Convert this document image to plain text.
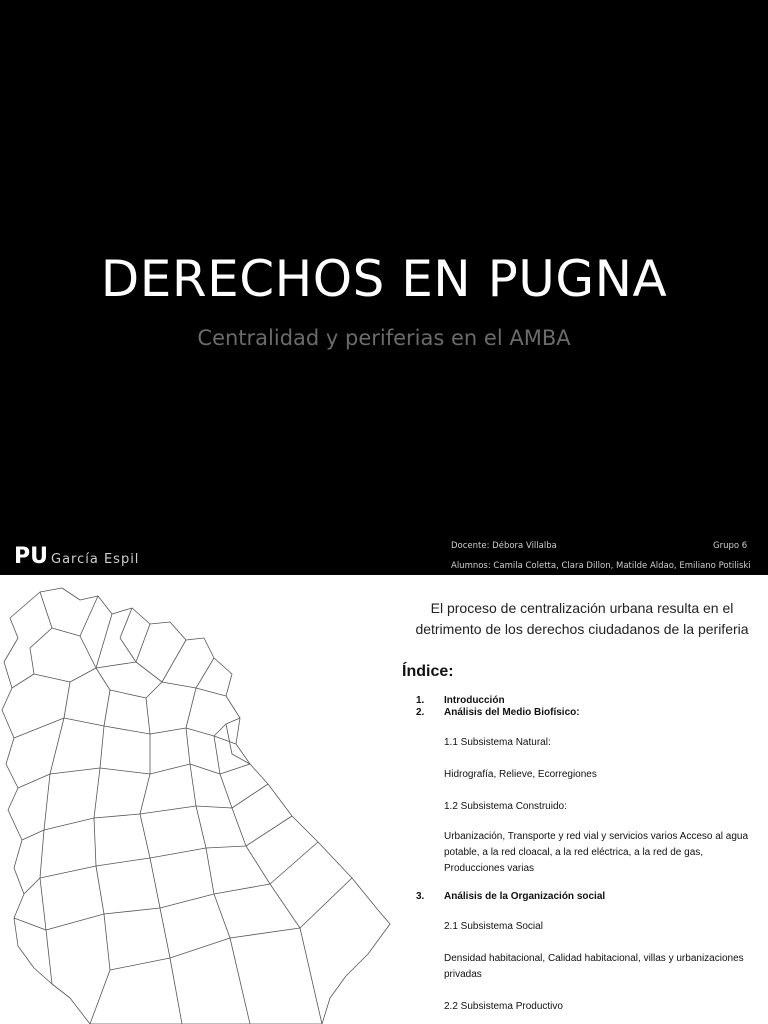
DERECHOS EN PUGNA
Centralidad y periferias en el AMBA
PU García Espil
Docente: Débora Villalba	Grupo 6
Alumnos: Camila Coletta, Clara Dillon, Matilde Aldao, Emiliano Potiliski
El proceso de centralización urbana resulta en el detrimento de los derechos ciudadanos de la periferia
Índice:
1.	Introducción
2.	Análisis del Medio Biofísico:
1.1 Subsistema Natural:
Hidrografía, Relieve, Ecorregiones
1.2 Subsistema Construido:
Urbanización, Transporte y red vial y servicios varios Acceso al agua potable, a la red cloacal, a la red eléctrica, a la red de gas, Producciones varias
3.	Análisis de la Organización social
2.1 Subsistema Social
Densidad habitacional, Calidad habitacional, villas y urbanizaciones privadas
2.2 Subsistema Productivo
